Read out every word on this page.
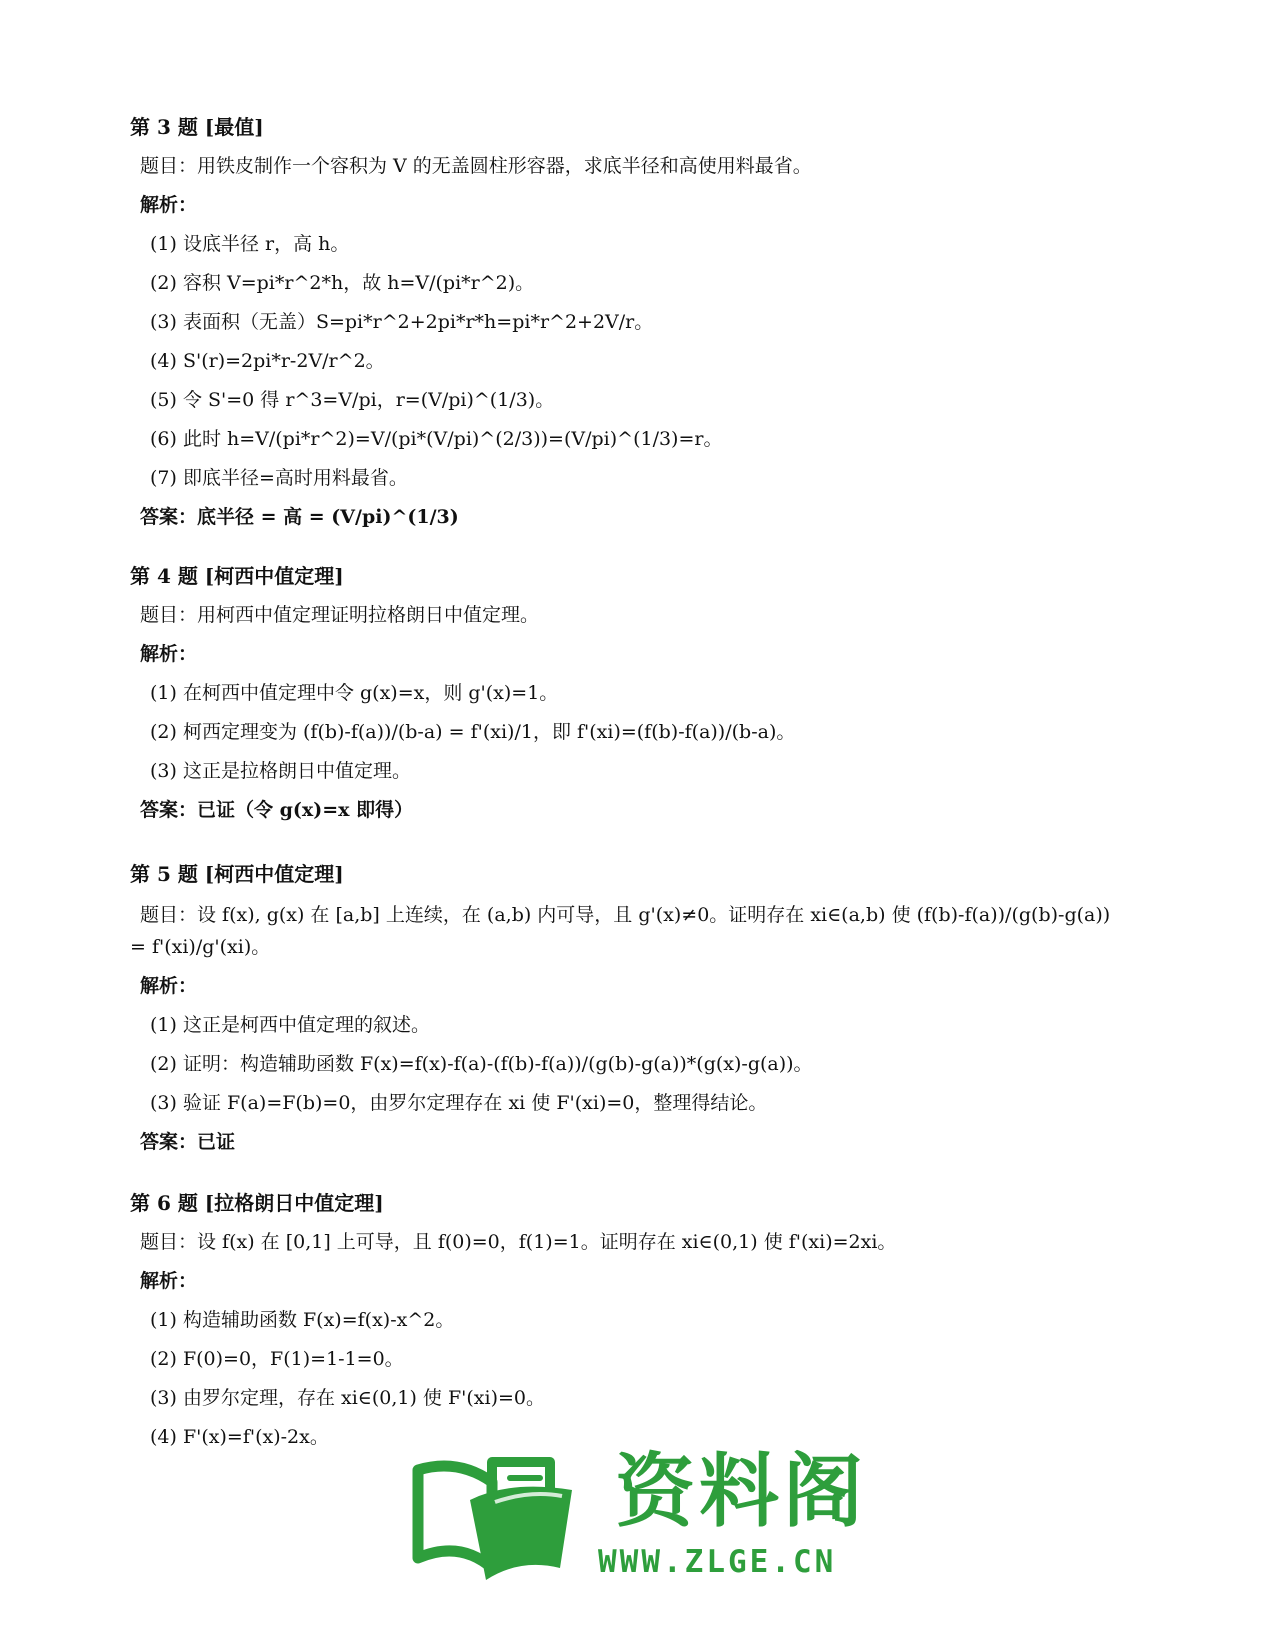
第 3 题 [最值]
题目：用铁皮制作一个容积为 V 的无盖圆柱形容器，求底半径和高使用料最省。
解析：
(1) 设底半径 r，高 h。
(2) 容积 V=pi*r^2*h，故 h=V/(pi*r^2)。
(3) 表面积（无盖）S=pi*r^2+2pi*r*h=pi*r^2+2V/r。
(4) S'(r)=2pi*r-2V/r^2。
(5) 令 S'=0 得 r^3=V/pi，r=(V/pi)^(1/3)。
(6) 此时 h=V/(pi*r^2)=V/(pi*(V/pi)^(2/3))=(V/pi)^(1/3)=r。
(7) 即底半径=高时用料最省。
答案：底半径 = 高 = (V/pi)^(1/3)
第 4 题 [柯西中值定理]
题目：用柯西中值定理证明拉格朗日中值定理。
解析：
(1) 在柯西中值定理中令 g(x)=x，则 g'(x)=1。
(2) 柯西定理变为 (f(b)-f(a))/(b-a) = f'(xi)/1，即 f'(xi)=(f(b)-f(a))/(b-a)。
(3) 这正是拉格朗日中值定理。
答案：已证（令 g(x)=x 即得）
第 5 题 [柯西中值定理]
题目：设 f(x), g(x) 在 [a,b] 上连续，在 (a,b) 内可导，且 g'(x)≠0。证明存在 xi∈(a,b) 使 (f(b)-f(a))/(g(b)-g(a)) = f'(xi)/g'(xi)。
解析：
(1) 这正是柯西中值定理的叙述。
(2) 证明：构造辅助函数 F(x)=f(x)-f(a)-(f(b)-f(a))/(g(b)-g(a))*(g(x)-g(a))。
(3) 验证 F(a)=F(b)=0，由罗尔定理存在 xi 使 F'(xi)=0，整理得结论。
答案：已证
第 6 题 [拉格朗日中值定理]
题目：设 f(x) 在 [0,1] 上可导，且 f(0)=0，f(1)=1。证明存在 xi∈(0,1) 使 f'(xi)=2xi。
解析：
(1) 构造辅助函数 F(x)=f(x)-x^2。
(2) F(0)=0，F(1)=1-1=0。
(3) 由罗尔定理，存在 xi∈(0,1) 使 F'(xi)=0。
(4) F'(x)=f'(x)-2x。
资料阁
WWW.ZLGE.CN
